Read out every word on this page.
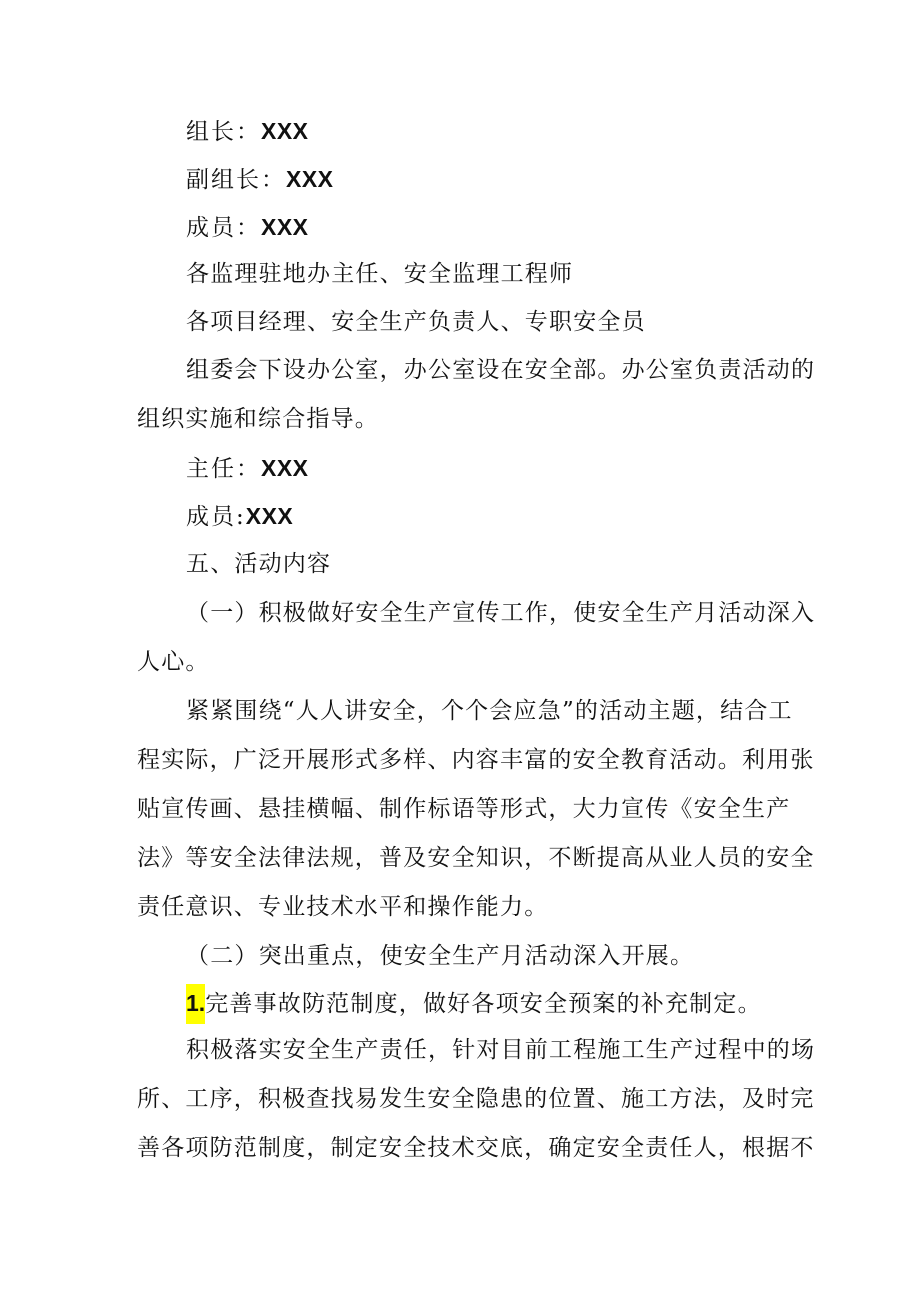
组长：XXX
副组长：XXX
成员：XXX
各监理驻地办主任、安全监理工程师
各项目经理、安全生产负责人、专职安全员
组委会下设办公室，办公室设在安全部。办公室负责活动的
组织实施和综合指导。
主任：XXX
成员:XXX
五、活动内容
（一）积极做好安全生产宣传工作，使安全生产月活动深入
人心。
紧紧围绕“人人讲安全，个个会应急”的活动主题，结合工
程实际，广泛开展形式多样、内容丰富的安全教育活动。利用张
贴宣传画、悬挂横幅、制作标语等形式，大力宣传《安全生产
法》等安全法律法规，普及安全知识，不断提高从业人员的安全
责任意识、专业技术水平和操作能力。
（二）突出重点，使安全生产月活动深入开展。
1.完善事故防范制度，做好各项安全预案的补充制定。
积极落实安全生产责任，针对目前工程施工生产过程中的场
所、工序，积极查找易发生安全隐患的位置、施工方法，及时完
善各项防范制度，制定安全技术交底，确定安全责任人，根据不
